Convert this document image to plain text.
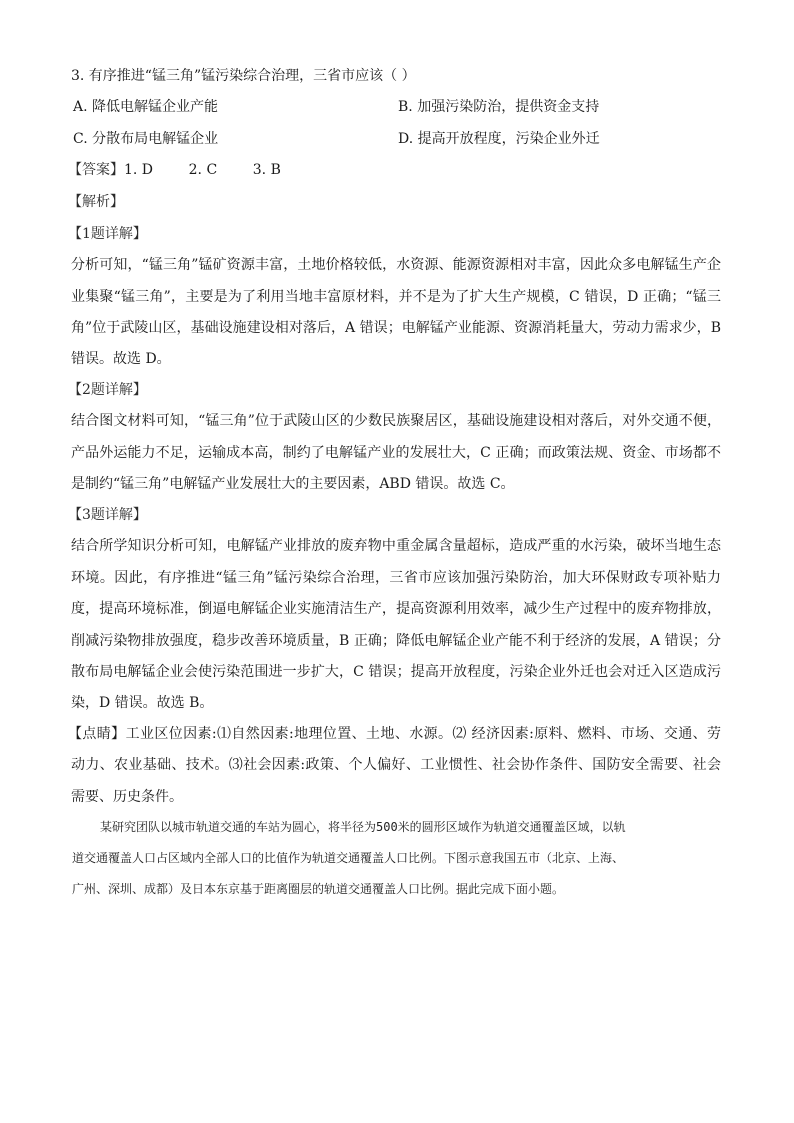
3. 有序推进“锰三角”锰污染综合治理，三省市应该（ ）
A. 降低电解锰企业产能	B. 加强污染防治，提供资金支持
C. 分散布局电解锰企业	D. 提高开放程度，污染企业外迁
【答案】1. D        2. C        3. B
【解析】
【1题详解】
分析可知，“锰三角”锰矿资源丰富，土地价格较低，水资源、能源资源相对丰富，因此众多电解锰生产企
业集聚“锰三角”，主要是为了利用当地丰富原材料，并不是为了扩大生产规模，C 错误，D 正确；“锰三
角”位于武陵山区，基础设施建设相对落后，A 错误；电解锰产业能源、资源消耗量大，劳动力需求少，B
错误。故选 D。
【2题详解】
结合图文材料可知，“锰三角”位于武陵山区的少数民族聚居区，基础设施建设相对落后，对外交通不便，
产品外运能力不足，运输成本高，制约了电解锰产业的发展壮大，C 正确；而政策法规、资金、市场都不
是制约“锰三角”电解锰产业发展壮大的主要因素，ABD 错误。故选 C。
【3题详解】
结合所学知识分析可知，电解锰产业排放的废弃物中重金属含量超标，造成严重的水污染，破坏当地生态
环境。因此，有序推进“锰三角”锰污染综合治理，三省市应该加强污染防治，加大环保财政专项补贴力
度，提高环境标准，倒逼电解锰企业实施清洁生产，提高资源利用效率，减少生产过程中的废弃物排放，
削减污染物排放强度，稳步改善环境质量，B 正确；降低电解锰企业产能不利于经济的发展，A 错误；分
散布局电解锰企业会使污染范围进一步扩大，C 错误；提高开放程度，污染企业外迁也会对迁入区造成污
染，D 错误。故选 B。
【点睛】工业区位因素:⑴自然因素:地理位置、土地、水源。⑵ 经济因素:原料、燃料、市场、交通、劳
动力、农业基础、技术。⑶社会因素:政策、个人偏好、工业惯性、社会协作条件、国防安全需要、社会
需要、历史条件。
某研究团队以城市轨道交通的车站为圆心，将半径为500米的圆形区域作为轨道交通覆盖区域，以轨
道交通覆盖人口占区域内全部人口的比值作为轨道交通覆盖人口比例。下图示意我国五市（北京、上海、
广州、深圳、成都）及日本东京基于距离圈层的轨道交通覆盖人口比例。据此完成下面小题。
